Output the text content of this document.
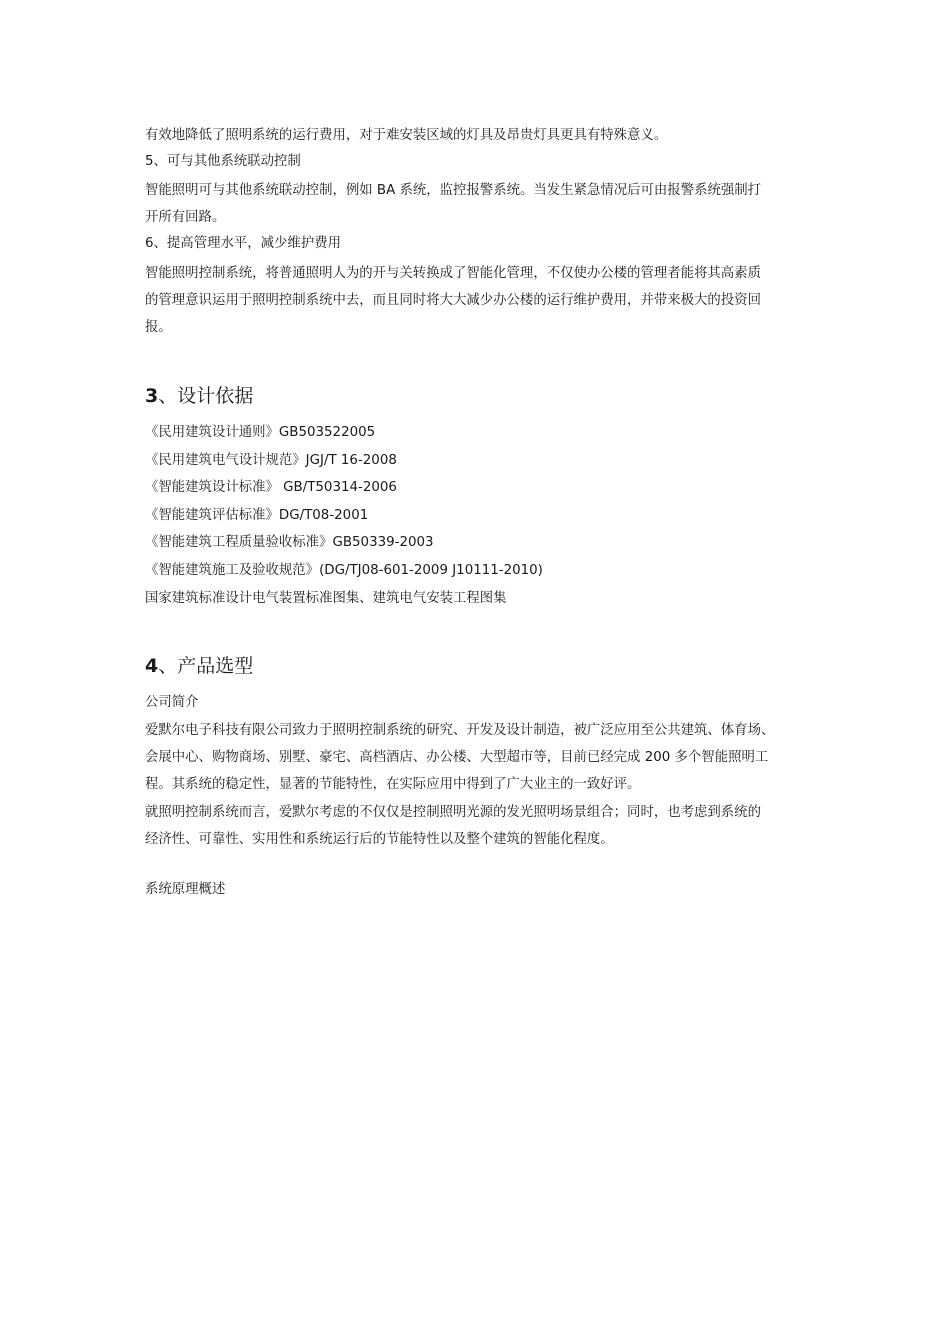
有效地降低了照明系统的运行费用，对于难安装区域的灯具及昂贵灯具更具有特殊意义。
5、可与其他系统联动控制
智能照明可与其他系统联动控制，例如 BA 系统，监控报警系统。当发生紧急情况后可由报警系统强制打
开所有回路。
6、提高管理水平，减少维护费用
智能照明控制系统，将普通照明人为的开与关转换成了智能化管理，不仅使办公楼的管理者能将其高素质
的管理意识运用于照明控制系统中去，而且同时将大大减少办公楼的运行维护费用，并带来极大的投资回
报。
3、设计依据
《民用建筑设计通则》GB503522005
《民用建筑电气设计规范》JGJ/T 16-2008
《智能建筑设计标准》 GB/T50314-2006
《智能建筑评估标准》DG/T08-2001
《智能建筑工程质量验收标准》GB50339-2003
《智能建筑施工及验收规范》(DG/TJ08-601-2009 J10111-2010)
国家建筑标准设计电气装置标准图集、建筑电气安装工程图集
4、产品选型
公司简介
爱默尔电子科技有限公司致力于照明控制系统的研究、开发及设计制造，被广泛应用至公共建筑、体育场、
会展中心、购物商场、别墅、豪宅、高档酒店、办公楼、大型超市等，目前已经完成 200 多个智能照明工
程。其系统的稳定性，显著的节能特性，在实际应用中得到了广大业主的一致好评。
就照明控制系统而言，爱默尔考虑的不仅仅是控制照明光源的发光照明场景组合；同时，也考虑到系统的
经济性、可靠性、实用性和系统运行后的节能特性以及整个建筑的智能化程度。
系统原理概述
